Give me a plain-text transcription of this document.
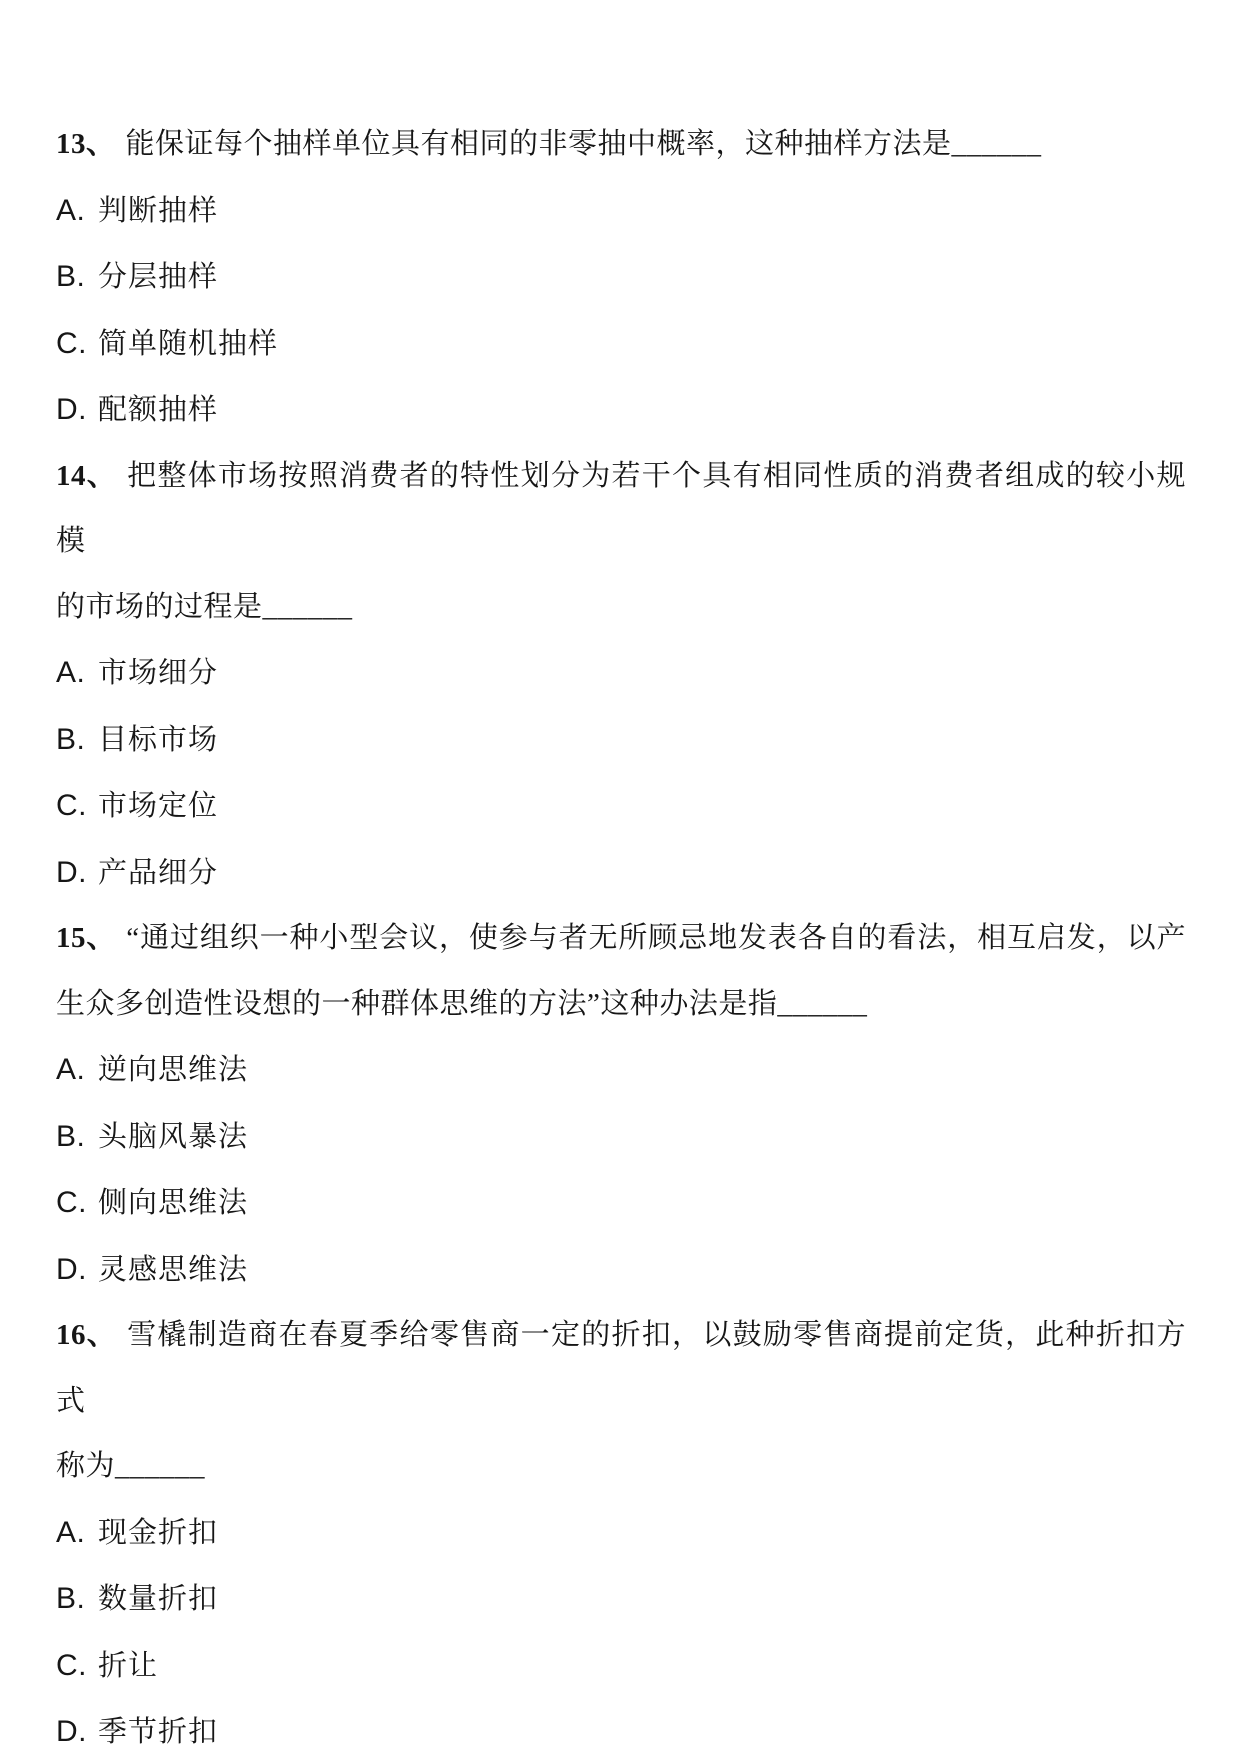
13、 能保证每个抽样单位具有相同的非零抽中概率，这种抽样方法是______

A. 判断抽样

B. 分层抽样

C. 简单随机抽样

D. 配额抽样

14、 把整体市场按照消费者的特性划分为若干个具有相同性质的消费者组成的较小规模

的市场的过程是______

A. 市场细分

B. 目标市场

C. 市场定位

D. 产品细分

15、 “通过组织一种小型会议，使参与者无所顾忌地发表各自的看法，相互启发，以产

生众多创造性设想的一种群体思维的方法”这种办法是指______

A. 逆向思维法

B. 头脑风暴法

C. 侧向思维法

D. 灵感思维法

16、 雪橇制造商在春夏季给零售商一定的折扣，以鼓励零售商提前定货，此种折扣方式

称为______

A. 现金折扣

B. 数量折扣

C. 折让

D. 季节折扣
